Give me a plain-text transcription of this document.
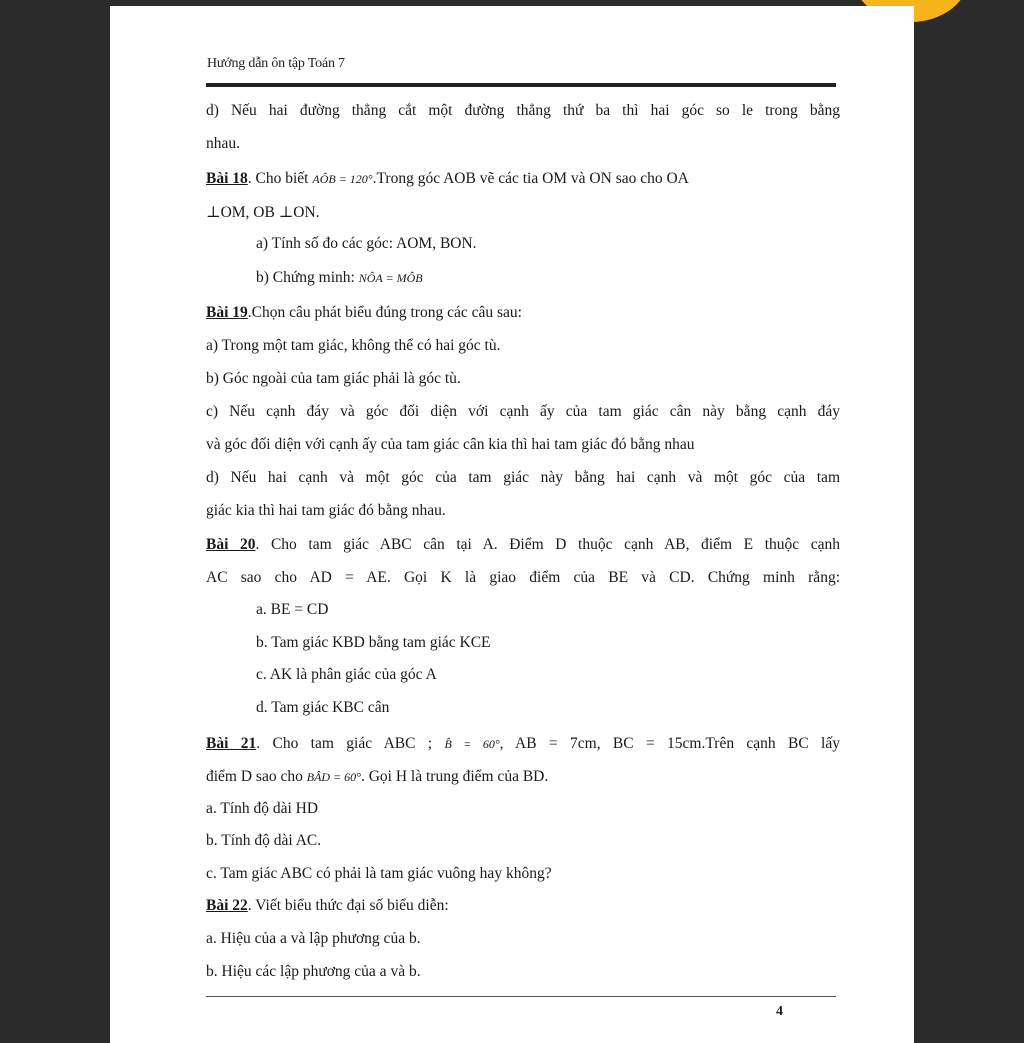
Hướng dẫn ôn tập Toán 7
d) Nếu hai đường thẳng cắt một đường thẳng thứ ba thì hai góc so le trong bằng
nhau.
Bài 18. Cho biết AÔB = 120°.Trong góc AOB vẽ các tia OM và ON sao cho OA
⊥OM, OB ⊥ON.
a) Tính số đo các góc: AOM, BON.
b) Chứng minh: NÔA = MÔB
Bài 19.Chọn câu phát biểu đúng trong các câu sau:
a) Trong một tam giác, không thể có hai góc tù.
b) Góc ngoài của tam giác phải là góc tù.
c) Nếu cạnh đáy và góc đối diện với cạnh ấy của tam giác cân này bằng cạnh đáy
và góc đối diện với cạnh ấy của tam giác cân kia thì hai tam giác đó bằng nhau
d) Nếu hai cạnh và một góc của tam giác này bằng hai cạnh và một góc của tam
giác kia thì hai tam giác đó bằng nhau.
Bài 20. Cho tam giác ABC cân tại A. Điểm D thuộc cạnh AB, điểm E thuộc cạnh
AC sao cho AD = AE. Gọi K là giao điểm của BE và CD. Chứng minh rằng:
a. BE = CD
b. Tam giác KBD bằng tam giác KCE
c. AK là phân giác của góc A
d. Tam giác KBC cân
Bài 21. Cho tam giác ABC ; B̂ = 60°, AB = 7cm, BC = 15cm.Trên cạnh BC lấy
điểm D sao cho BÂD = 60°. Gọi H là trung điểm của BD.
a. Tính độ dài HD
b. Tính độ dài AC.
c. Tam giác ABC có phải là tam giác vuông hay không?
Bài 22. Viết biểu thức đại số biểu diễn:
a. Hiệu của a và lập phương của b.
b. Hiệu các lập phương của a và b.
4
